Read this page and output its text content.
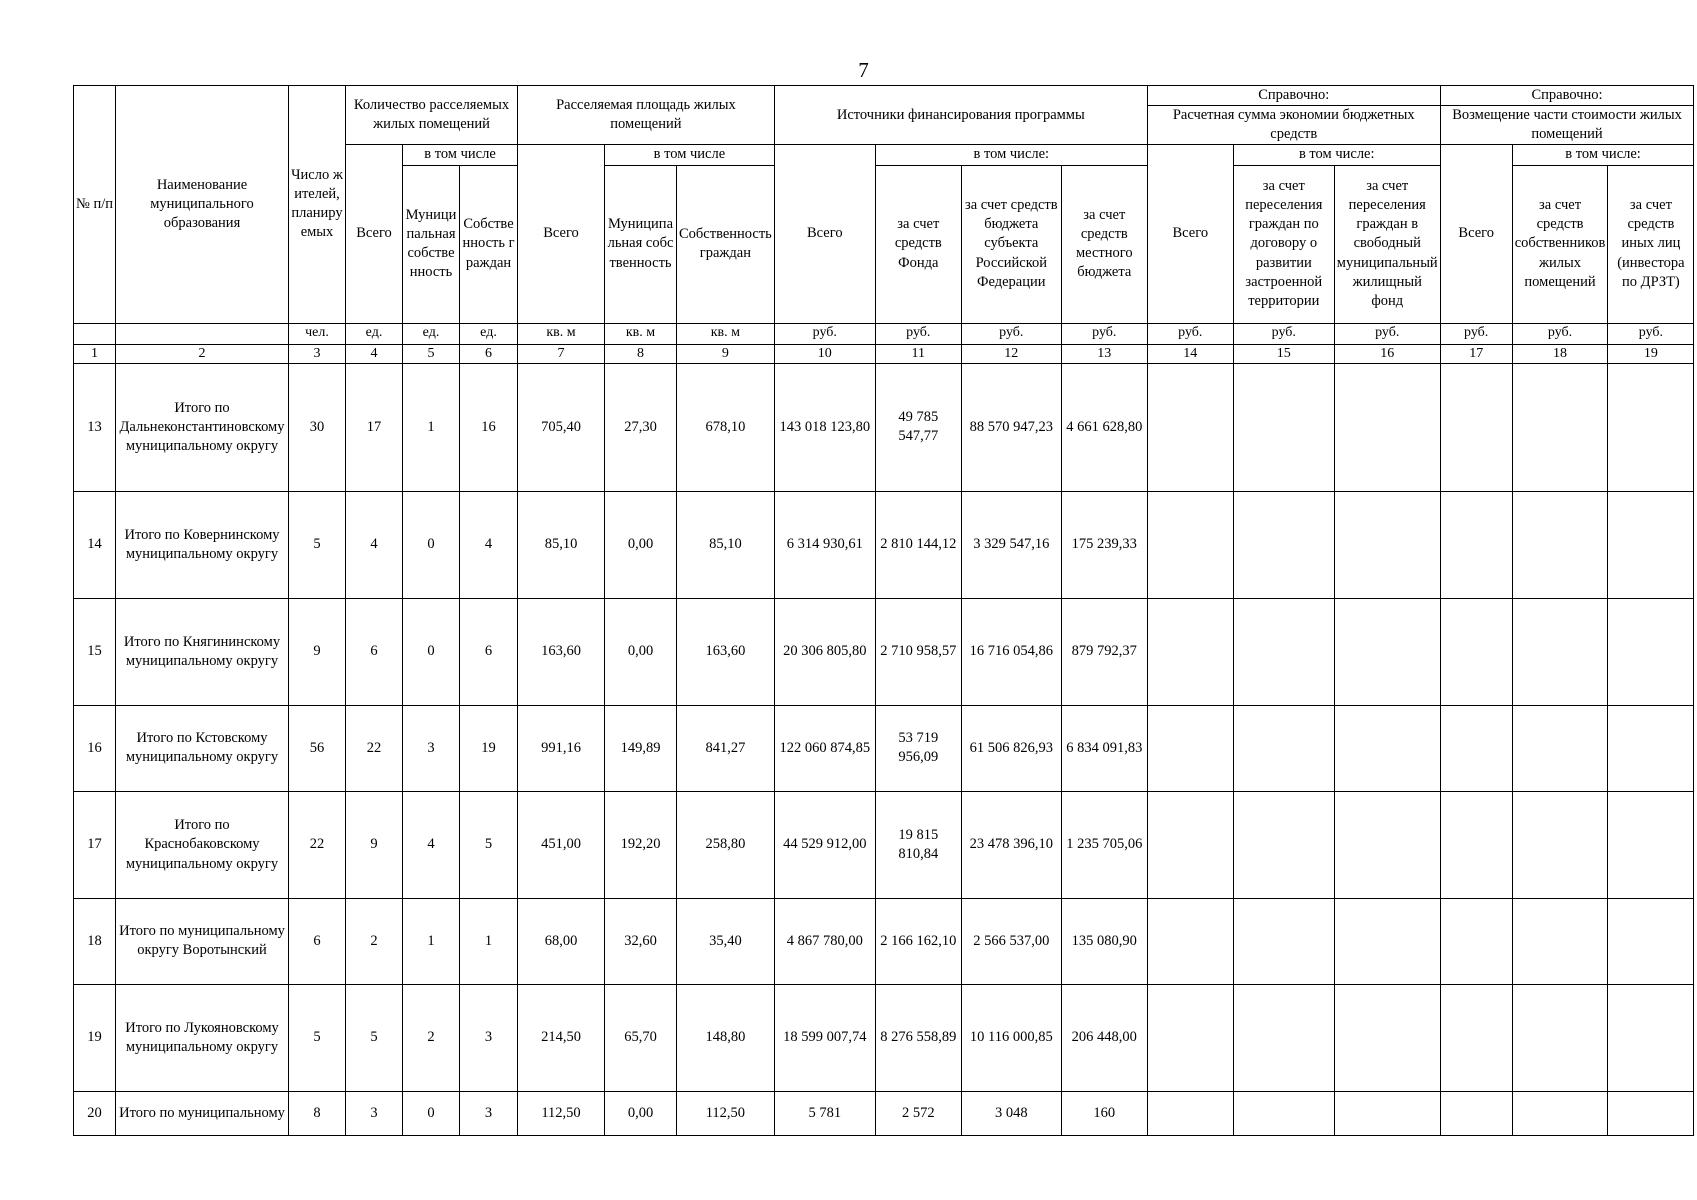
7
№ п/п	Наименование муниципального образования	Число жителей, планируемых	Количество расселяемых жилых помещений			Расселяемая площадь жилых помещений			Источники финансирования программы				Справочно:			Справочно:		
													Расчетная сумма экономии бюджетных средств			Возмещение части стоимости жилых помещений		
			Всего	в том числе		Всего	в том числе		Всего	в том числе:			Всего	в том числе:		Всего	в том числе:	
				Муниципальная собственность	Собственность граждан		Муниципальная собственность	Собственность граждан		за счет средств Фонда	за счет средств бюджета субъекта Российской Федерации	за счет средств местного бюджета		за счет переселения граждан по договору о развитии застроенной территории	за счет переселения граждан в свободный муниципальный жилищный фонд		за счет средств собственников жилых помещений	за счет средств иных лиц (инвестора по ДРЗТ)
		чел.	ед.	ед.	ед.	кв. м	кв. м	кв. м	руб.	руб.	руб.	руб.	руб.	руб.	руб.	руб.	руб.	руб.
1	2	3	4	5	6	7	8	9	10	11	12	13	14	15	16	17	18	19
13	Итого по Дальнеконстантиновскому муниципальному округу	30	17	1	16	705,40	27,30	678,10	143 018 123,80	49 785 547,77	88 570 947,23	4 661 628,80						
14	Итого по Ковернинскому муниципальному округу	5	4	0	4	85,10	0,00	85,10	6 314 930,61	2 810 144,12	3 329 547,16	175 239,33						
15	Итого по Княгининскому муниципальному округу	9	6	0	6	163,60	0,00	163,60	20 306 805,80	2 710 958,57	16 716 054,86	879 792,37						
16	Итого по Кстовскому муниципальному округу	56	22	3	19	991,16	149,89	841,27	122 060 874,85	53 719 956,09	61 506 826,93	6 834 091,83						
17	Итого по Краснобаковскому муниципальному округу	22	9	4	5	451,00	192,20	258,80	44 529 912,00	19 815 810,84	23 478 396,10	1 235 705,06						
18	Итого по муниципальному округу Воротынский	6	2	1	1	68,00	32,60	35,40	4 867 780,00	2 166 162,10	2 566 537,00	135 080,90						
19	Итого по Лукояновскому муниципальному округу	5	5	2	3	214,50	65,70	148,80	18 599 007,74	8 276 558,89	10 116 000,85	206 448,00						
20	Итого по муниципальному	8	3	0	3	112,50	0,00	112,50	5 781	2 572	3 048	160						
